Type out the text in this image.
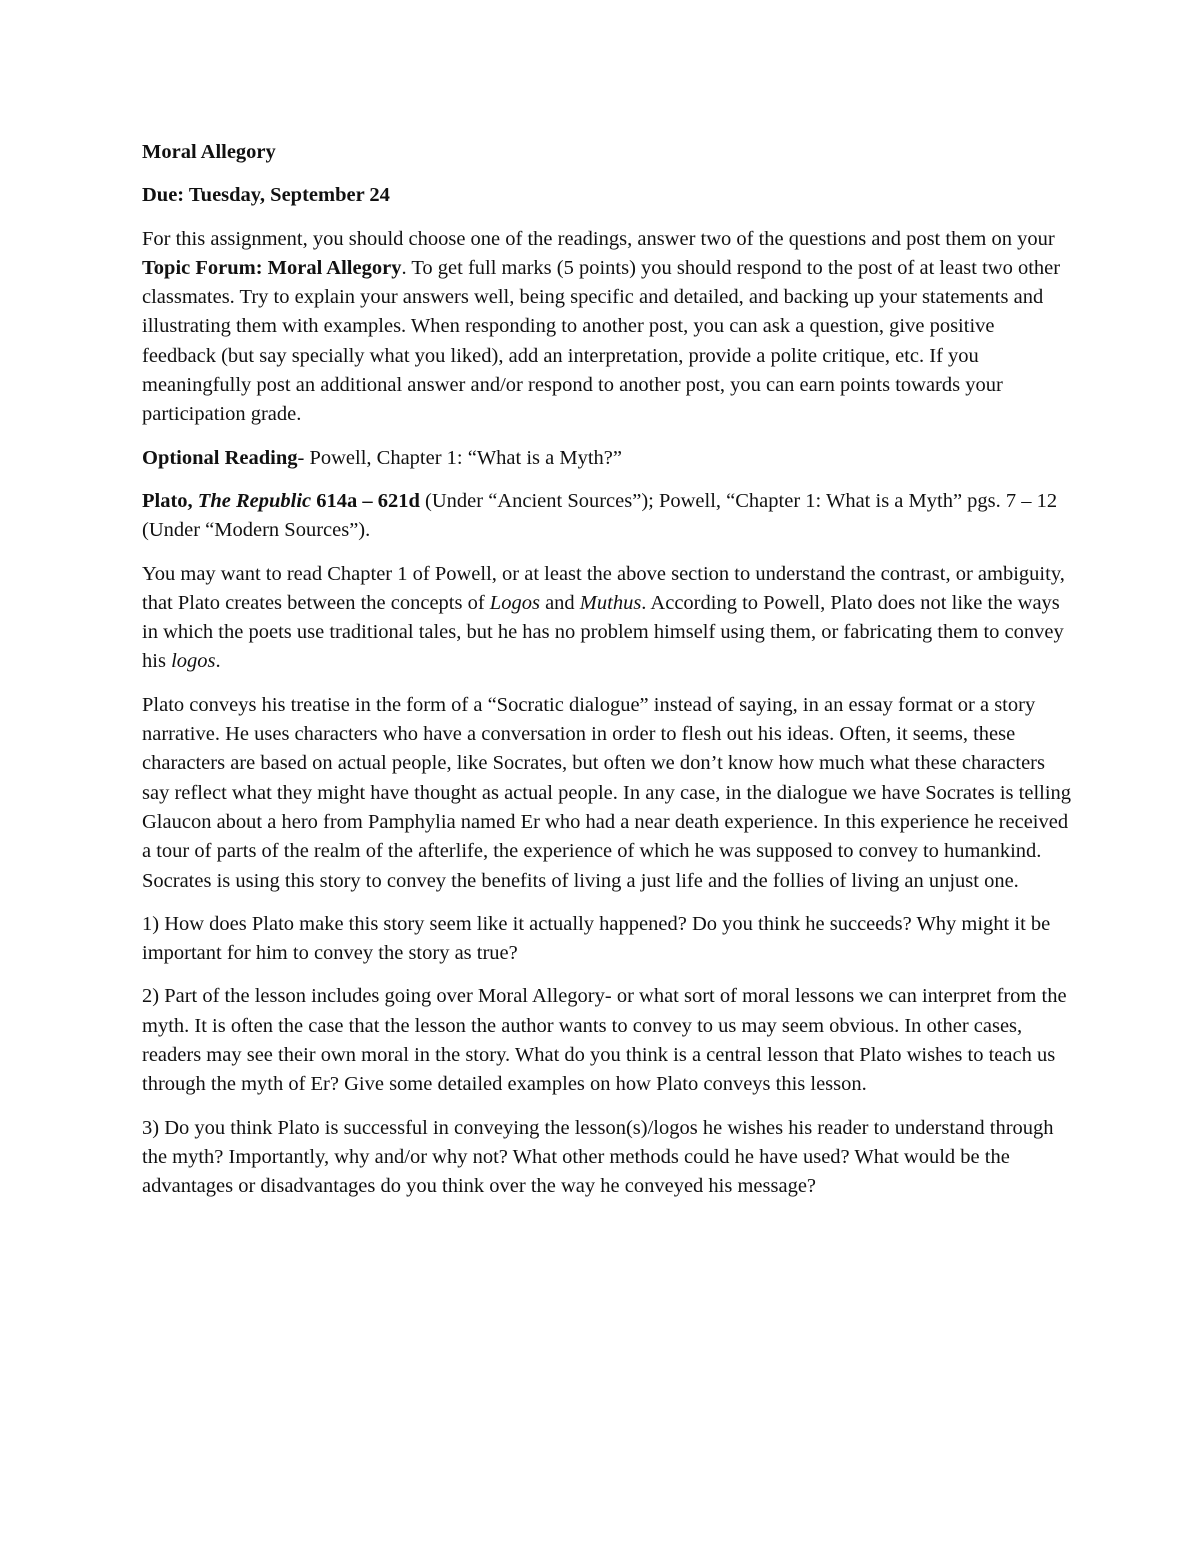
Moral Allegory

Due: Tuesday, September 24

For this assignment, you should choose one of the readings, answer two of the questions and post them on your Topic Forum: Moral Allegory. To get full marks (5 points) you should respond to the post of at least two other classmates. Try to explain your answers well, being specific and detailed, and backing up your statements and illustrating them with examples. When responding to another post, you can ask a question, give positive feedback (but say specially what you liked), add an interpretation, provide a polite critique, etc. If you meaningfully post an additional answer and/or respond to another post, you can earn points towards your participation grade.

Optional Reading- Powell, Chapter 1: “What is a Myth?”

Plato, The Republic 614a – 621d (Under “Ancient Sources”); Powell, “Chapter 1: What is a Myth” pgs. 7 – 12 (Under “Modern Sources”).

You may want to read Chapter 1 of Powell, or at least the above section to understand the contrast, or ambiguity, that Plato creates between the concepts of Logos and Muthus. According to Powell, Plato does not like the ways in which the poets use traditional tales, but he has no problem himself using them, or fabricating them to convey his logos.

Plato conveys his treatise in the form of a “Socratic dialogue” instead of saying, in an essay format or a story narrative. He uses characters who have a conversation in order to flesh out his ideas. Often, it seems, these characters are based on actual people, like Socrates, but often we don’t know how much what these characters say reflect what they might have thought as actual people. In any case, in the dialogue we have Socrates is telling Glaucon about a hero from Pamphylia named Er who had a near death experience. In this experience he received a tour of parts of the realm of the afterlife, the experience of which he was supposed to convey to humankind. Socrates is using this story to convey the benefits of living a just life and the follies of living an unjust one.

1) How does Plato make this story seem like it actually happened? Do you think he succeeds? Why might it be important for him to convey the story as true?

2) Part of the lesson includes going over Moral Allegory- or what sort of moral lessons we can interpret from the myth. It is often the case that the lesson the author wants to convey to us may seem obvious. In other cases, readers may see their own moral in the story. What do you think is a central lesson that Plato wishes to teach us through the myth of Er? Give some detailed examples on how Plato conveys this lesson.

3) Do you think Plato is successful in conveying the lesson(s)/logos he wishes his reader to understand through the myth? Importantly, why and/or why not? What other methods could he have used? What would be the advantages or disadvantages do you think over the way he conveyed his message?
